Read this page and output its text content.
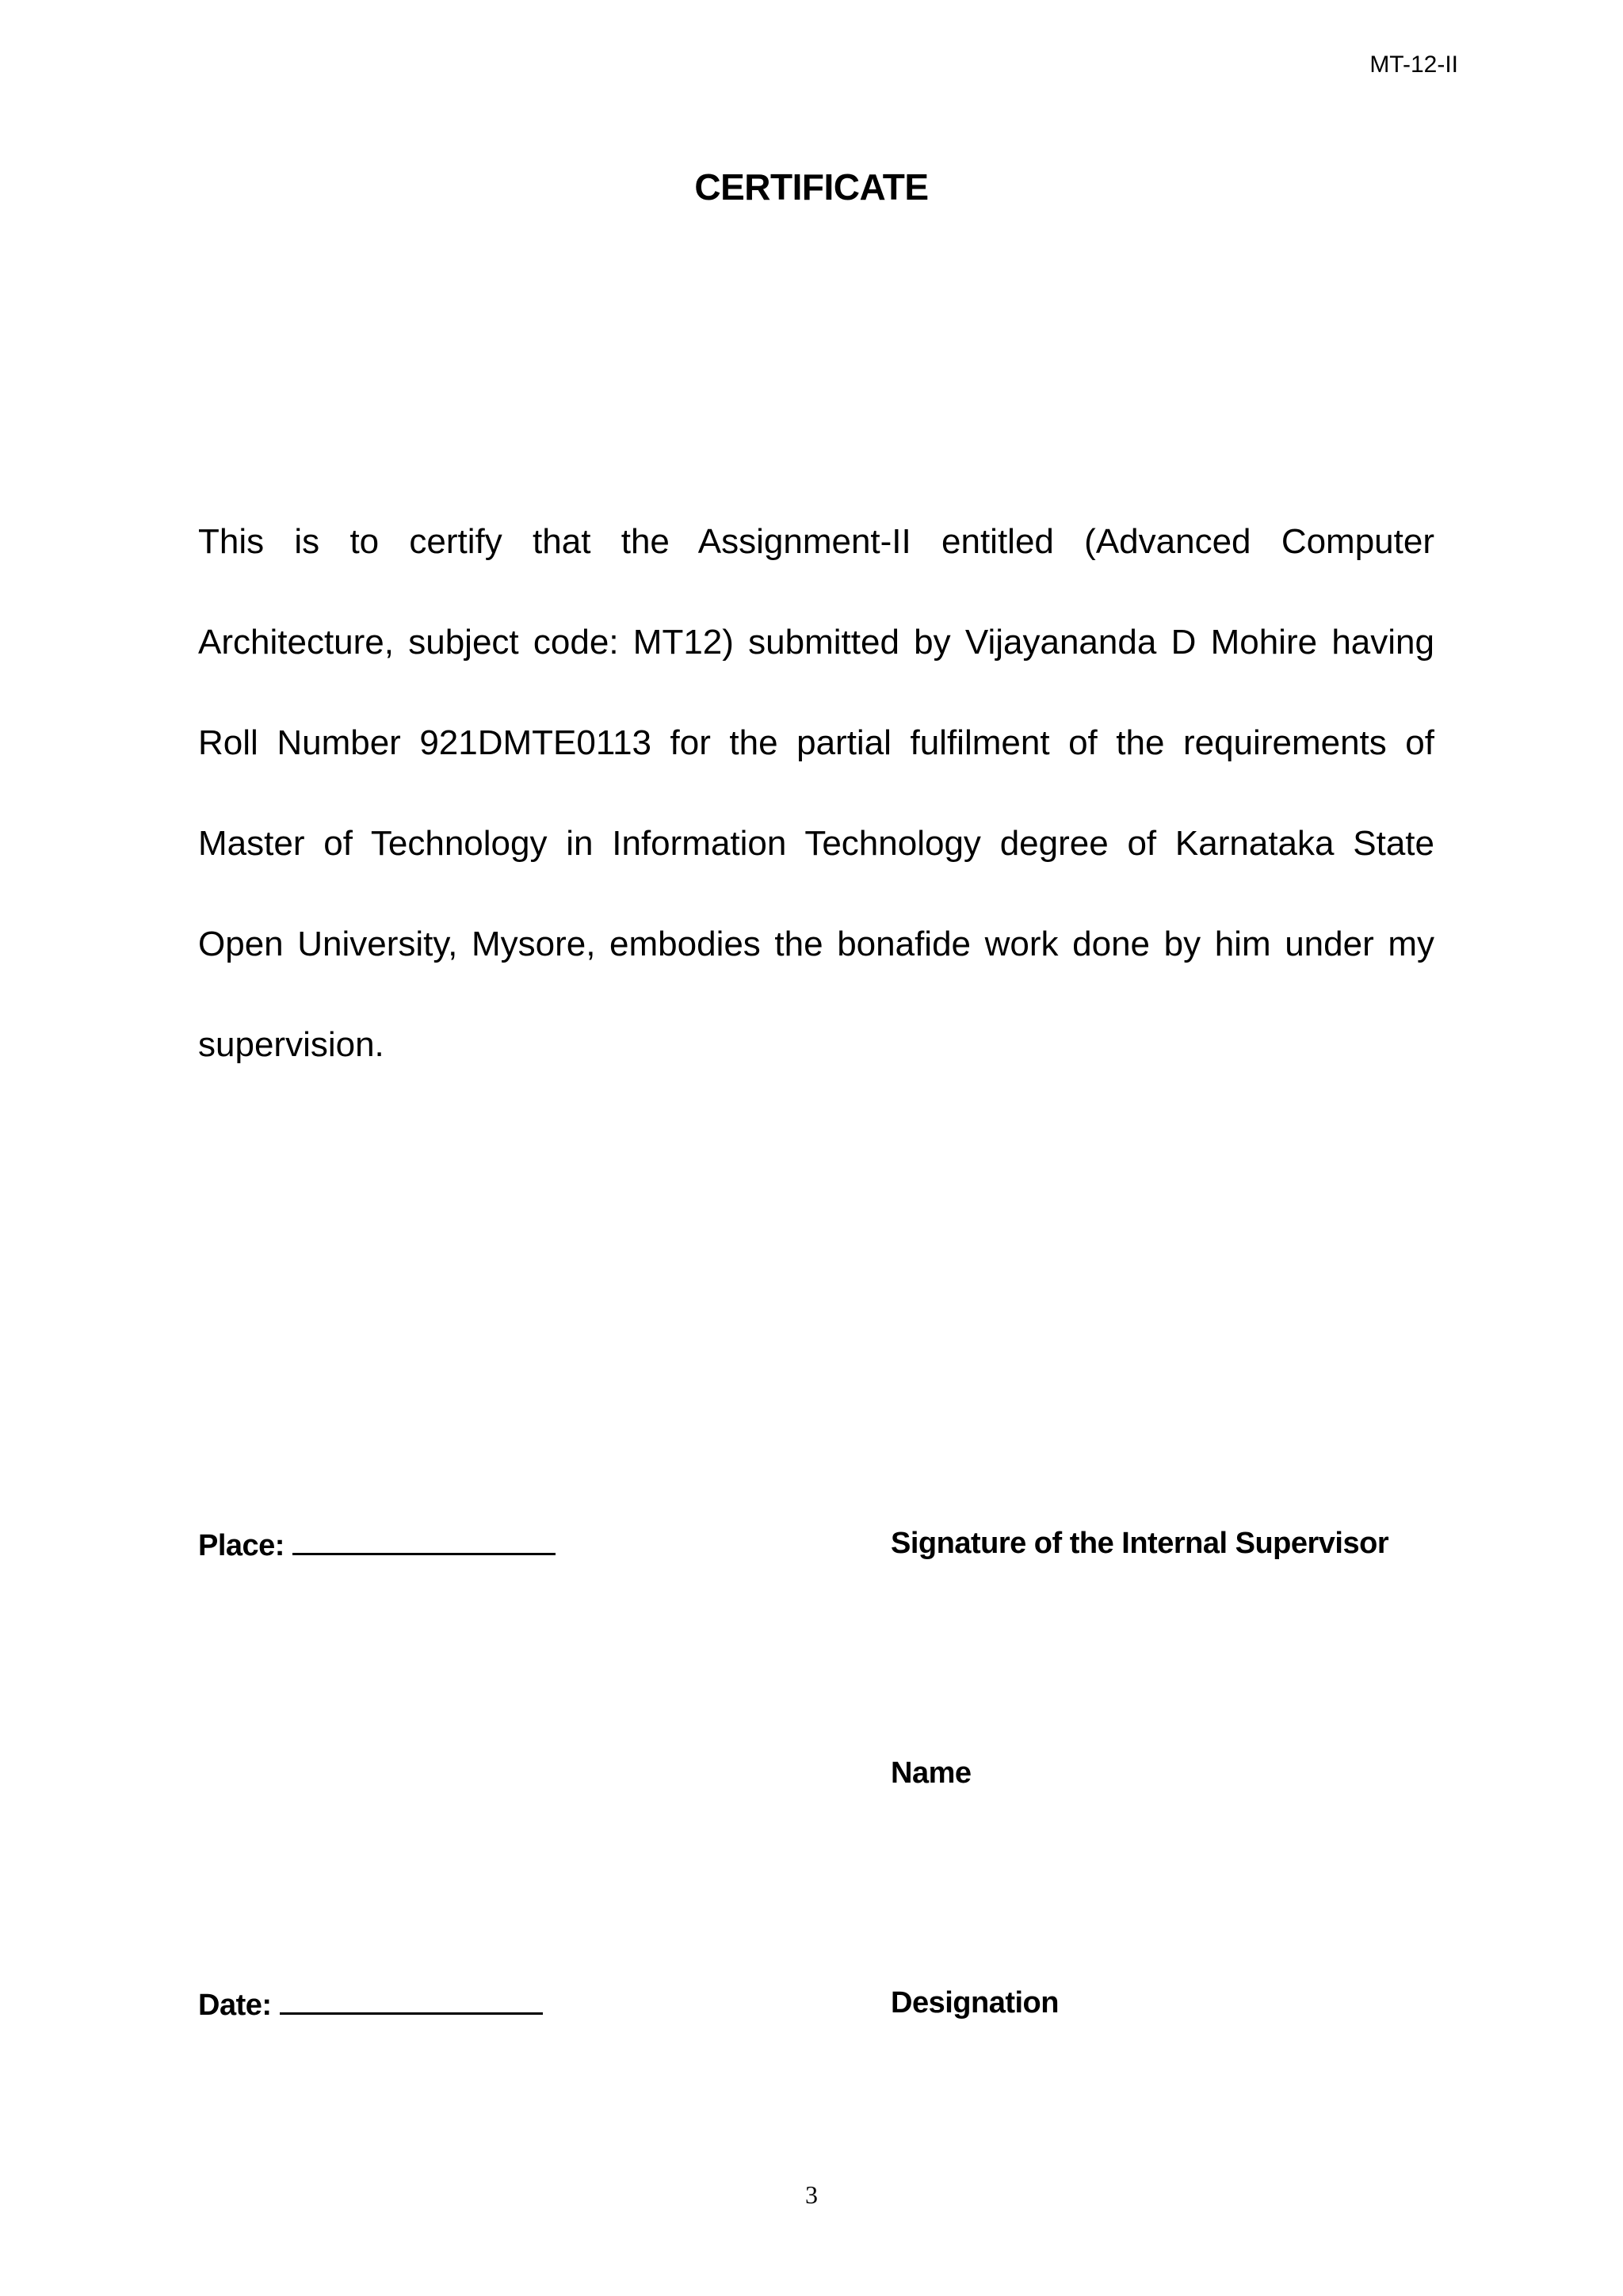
MT-12-II
CERTIFICATE

This is to certify that the Assignment-II entitled (Advanced Computer Architecture, subject code: MT12) submitted by Vijayananda D Mohire having Roll Number 921DMTE0113 for the partial fulfilment of the requirements of Master of Technology in Information Technology degree of Karnataka State Open University, Mysore, embodies the bonafide work done by him under my supervision.

Place:	Signature of the Internal Supervisor
Name
Date:	Designation
3
